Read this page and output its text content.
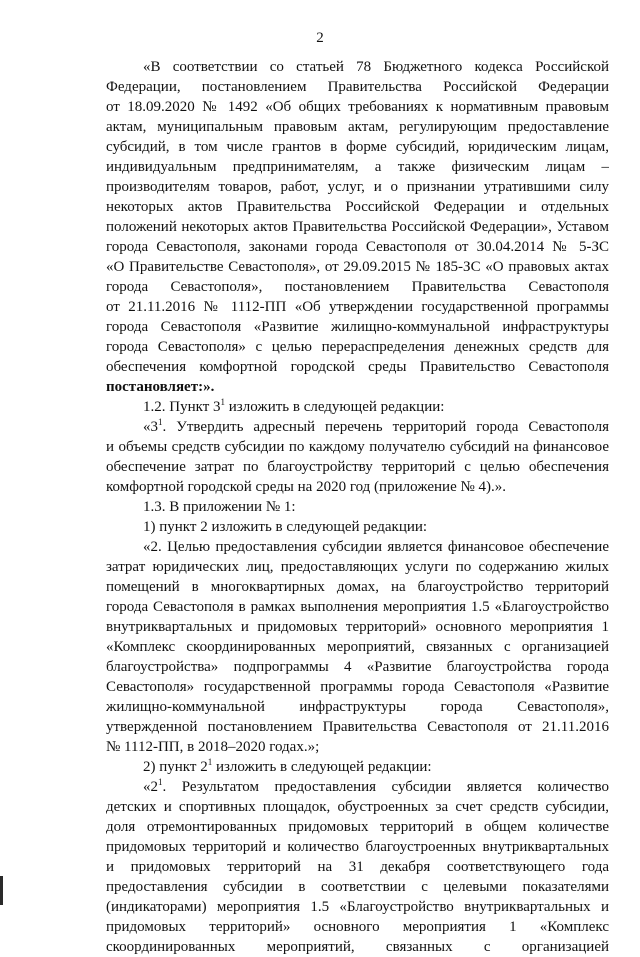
2
«В соответствии со статьей 78 Бюджетного кодекса Российской
Федерации, постановлением Правительства Российской Федерации
от 18.09.2020 № 1492 «Об общих требованиях к нормативным правовым
актам, муниципальным правовым актам, регулирующим предоставление
субсидий, в том числе грантов в форме субсидий, юридическим лицам,
индивидуальным предпринимателям, а также физическим лицам –
производителям товаров, работ, услуг, и о признании утратившими силу
некоторых актов Правительства Российской Федерации и отдельных
положений некоторых актов Правительства Российской Федерации», Уставом
города Севастополя, законами города Севастополя от 30.04.2014 № 5-ЗС
«О Правительстве Севастополя», от 29.09.2015 № 185-ЗС «О правовых актах
города Севастополя», постановлением Правительства Севастополя
от 21.11.2016 № 1112-ПП «Об утверждении государственной программы
города Севастополя «Развитие жилищно-коммунальной инфраструктуры
города Севастополя» с целью перераспределения денежных средств для
обеспечения комфортной городской среды Правительство Севастополя
постановляет:».
1.2. Пункт $3^1$ изложить в следующей редакции:
«$3^1$. Утвердить адресный перечень территорий города Севастополя
и объемы средств субсидии по каждому получателю субсидий на финансовое
обеспечение затрат по благоустройству территорий с целью обеспечения
комфортной городской среды на 2020 год (приложение № 4).».
1.3. В приложении № 1:
1) пункт 2 изложить в следующей редакции:
«2. Целью предоставления субсидии является финансовое обеспечение
затрат юридических лиц, предоставляющих услуги по содержанию жилых
помещений в многоквартирных домах, на благоустройство территорий
города Севастополя в рамках выполнения мероприятия 1.5 «Благоустройство
внутриквартальных и придомовых территорий» основного мероприятия 1
«Комплекс скоординированных мероприятий, связанных с организацией
благоустройства» подпрограммы 4 «Развитие благоустройства города
Севастополя» государственной программы города Севастополя «Развитие
жилищно-коммунальной инфраструктуры города Севастополя»,
утвержденной постановлением Правительства Севастополя от 21.11.2016
№ 1112-ПП, в 2018–2020 годах.»;
2) пункт $2^1$ изложить в следующей редакции:
«$2^1$. Результатом предоставления субсидии является количество
детских и спортивных площадок, обустроенных за счет средств субсидии,
доля отремонтированных придомовых территорий в общем количестве
придомовых территорий и количество благоустроенных внутриквартальных
и придомовых территорий на 31 декабря соответствующего года
предоставления субсидии в соответствии с целевыми показателями
(индикаторами) мероприятия 1.5 «Благоустройство внутриквартальных и
придомовых территорий» основного мероприятия 1 «Комплекс
скоординированных мероприятий, связанных с организацией
